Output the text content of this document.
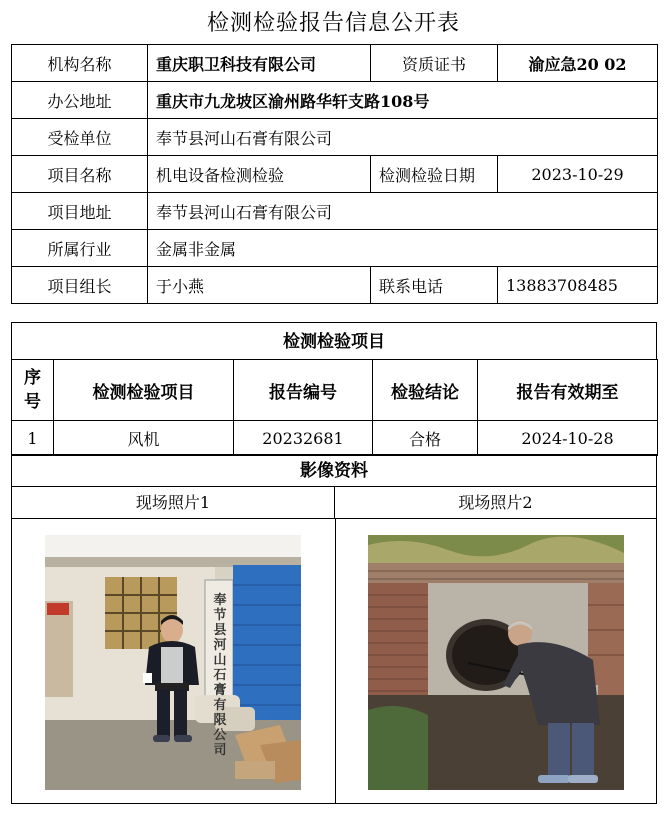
检测检验报告信息公开表
机构名称	重庆职卫科技有限公司	资质证书	渝应急20 02
办公地址	重庆市九龙坡区渝州路华轩支路108号		
受检单位	奉节县河山石膏有限公司		
项目名称	机电设备检测检验	检测检验日期	2023-10-29
项目地址	奉节县河山石膏有限公司		
所属行业	金属非金属		
项目组长	于小燕	联系电话	13883708485
检测检验项目
序号	检测检验项目	报告编号	检验结论	报告有效期至
1	风机	20232681	合格	2024-10-28
影像资料
现场照片1	现场照片2
奉节县河山石膏有限公司
